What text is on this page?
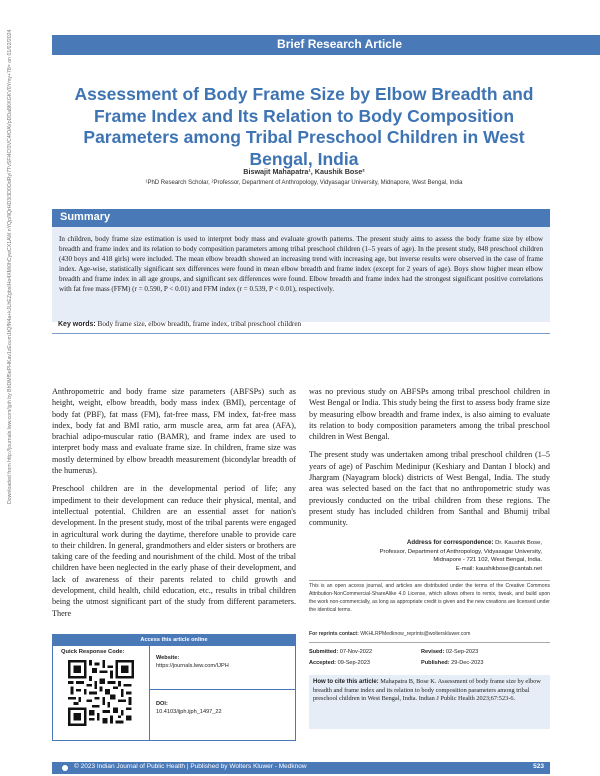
Brief Research Article
Downloaded from http://journals.lww.com/ijph by BhDMf5ePHKav1zEoum1tQfN4a+kJLhEZgbsIHo4XMi0hCywCX1AW nYQp/IlQrHD3i3D0OdRyi7TvSFl4Cf3VC4/OAVpDDa8KKGKV0Ymy+78= on 01/02/2024	Assessment of Body Frame Size by Elbow Breadth and Frame Index and Its Relation to Body Composition Parameters among Tribal Preschool Children in West Bengal, India
Biswajit Mahapatra¹, Kaushik Bose²
¹PhD Research Scholar, ²Professor, Department of Anthropology, Vidyasagar University, Midnapore, West Bengal, India
Summary
In children, body frame size estimation is used to interpret body mass and evaluate growth patterns. The present study aims to assess the body frame size by elbow breadth and frame index and its relation to body composition parameters among tribal preschool children (1–5 years of age). In the present study, 848 preschool children (430 boys and 418 girls) were included. The mean elbow breadth showed an increasing trend with increasing age, but inverse results were observed in the case of frame index. Age-wise, statistically significant sex differences were found in mean elbow breadth and frame index (except for 2 years of age). Boys show higher mean elbow breadth and frame index in all age groups, and significant sex differences were found. Elbow breadth and frame index had the strongest significant positive correlations with fat free mass (FFM) (r = 0.590, P < 0.01) and FFM index (r = 0.539, P < 0.01), respectively.
Key words: Body frame size, elbow breadth, frame index, tribal preschool children

Anthropometric and body frame size parameters (ABFSPs) such as height, weight, elbow breadth, body mass index (BMI), percentage of body fat (PBF), fat mass (FM), fat-free mass, FM index, fat-free mass index, body fat and BMI ratio, arm muscle area, arm fat area (AFA), brachial adipo-muscular ratio (BAMR), and frame index are used to interpret body mass and evaluate frame size. In children, frame size was mostly determined by elbow breadth measurement (bicondylar breadth of the humerus).

Preschool children are in the developmental period of life; any impediment to their development can reduce their physical, mental, and intellectual potential. Children are an essential asset for nation's development. In the present study, most of the tribal parents were engaged in agricultural work during the daytime, therefore unable to provide care to their children. In general, grandmothers and elder sisters or brothers are taking care of the feeding and nourishment of the child. Most of the tribal children have been neglected in the early phase of their development, and lack of awareness of their parents related to child growth and development, child health, child education, etc., results in tribal children being the utmost significant part of the study from different parameters. There

was no previous study on ABFSPs among tribal preschool children in West Bengal or India. This study being the first to assess body frame size by measuring elbow breadth and frame index, is also aiming to evaluate its relation to body composition parameters among the tribal preschool children in West Bengal.

The present study was undertaken among tribal preschool children (1–5 years of age) of Paschim Medinipur (Keshiary and Dantan I block) and Jhargram (Nayagram block) districts of West Bengal, India. The study area was selected based on the fact that no anthropometric study was previously conducted on the tribal children from these regions. The present study has included children from Santhal and Bhumij tribal community.

Address for correspondence: Dr. Kaushik Bose,
Professor, Department of Anthropology, Vidyasagar University,
Midnapore - 721 102, West Bengal, India.
E-mail: kaushikbose@cantab.net
This is an open access journal, and articles are distributed under the terms of the Creative Commons Attribution-NonCommercial-ShareAlike 4.0 License, which allows others to remix, tweak, and build upon the work non-commercially, as long as appropriate credit is given and the new creations are licensed under the identical terms.
For reprints contact: WKHLRPMedknow_reprints@wolterskluwer.com
Submitted: 07-Nov-2022	Revised: 02-Sep-2023
Accepted: 09-Sep-2023	Published: 29-Dec-2023
How to cite this article: Mahapatra B, Bose K. Assessment of body frame size by elbow breadth and frame index and its relation to body composition parameters among tribal preschool children in West Bengal, India. Indian J Public Health 2023;67:523-6.
Access this article online
Quick Response Code:
Website:
https://journals.lww.com/IJPH
DOI:
10.4103/ijph.ijph_1497_22
© 2023 Indian Journal of Public Health | Published by Wolters Kluwer - Medknow	523
